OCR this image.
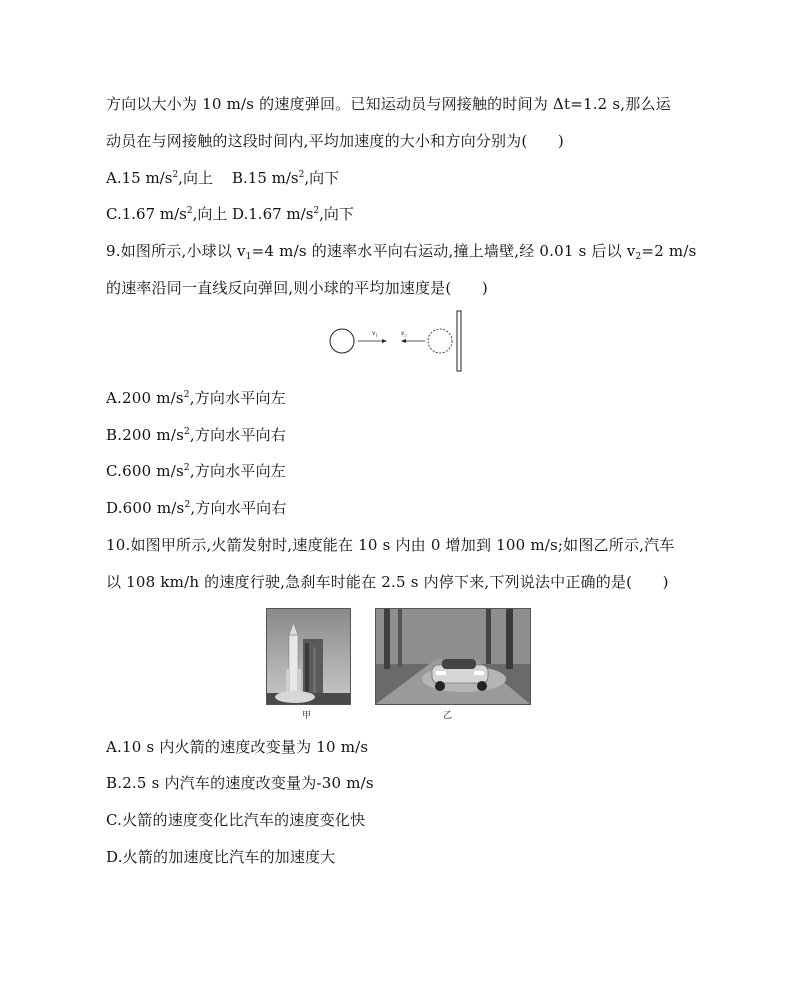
方向以大小为 10 m/s 的速度弹回。已知运动员与网接触的时间为 Δt=1.2 s,那么运
动员在与网接触的这段时间内,平均加速度的大小和方向分别为(　　)
A.15 $m/s^2$,向上 B.15 $m/s^2$,向下
C.1.67 $m/s^2$,向上 D.1.67 $m/s^2$,向下
9.如图所示,小球以 $v_1=4$ m/s 的速率水平向右运动,撞上墙壁,经 0.01 s 后以 $v_2=2$ m/s
的速率沿同一直线反向弹回,则小球的平均加速度是(　　)
$v_1$	$v_2$
A.200 $m/s^2$,方向水平向左
B.200 $m/s^2$,方向水平向右
C.600 $m/s^2$,方向水平向左
D.600 $m/s^2$,方向水平向右
10.如图甲所示,火箭发射时,速度能在 10 s 内由 0 增加到 100 m/s;如图乙所示,汽车
以 108 km/h 的速度行驶,急刹车时能在 2.5 s 内停下来,下列说法中正确的是(　　)
甲	乙
A.10 s 内火箭的速度改变量为 10 m/s
B.2.5 s 内汽车的速度改变量为-30 m/s
C.火箭的速度变化比汽车的速度变化快
D.火箭的加速度比汽车的加速度大
